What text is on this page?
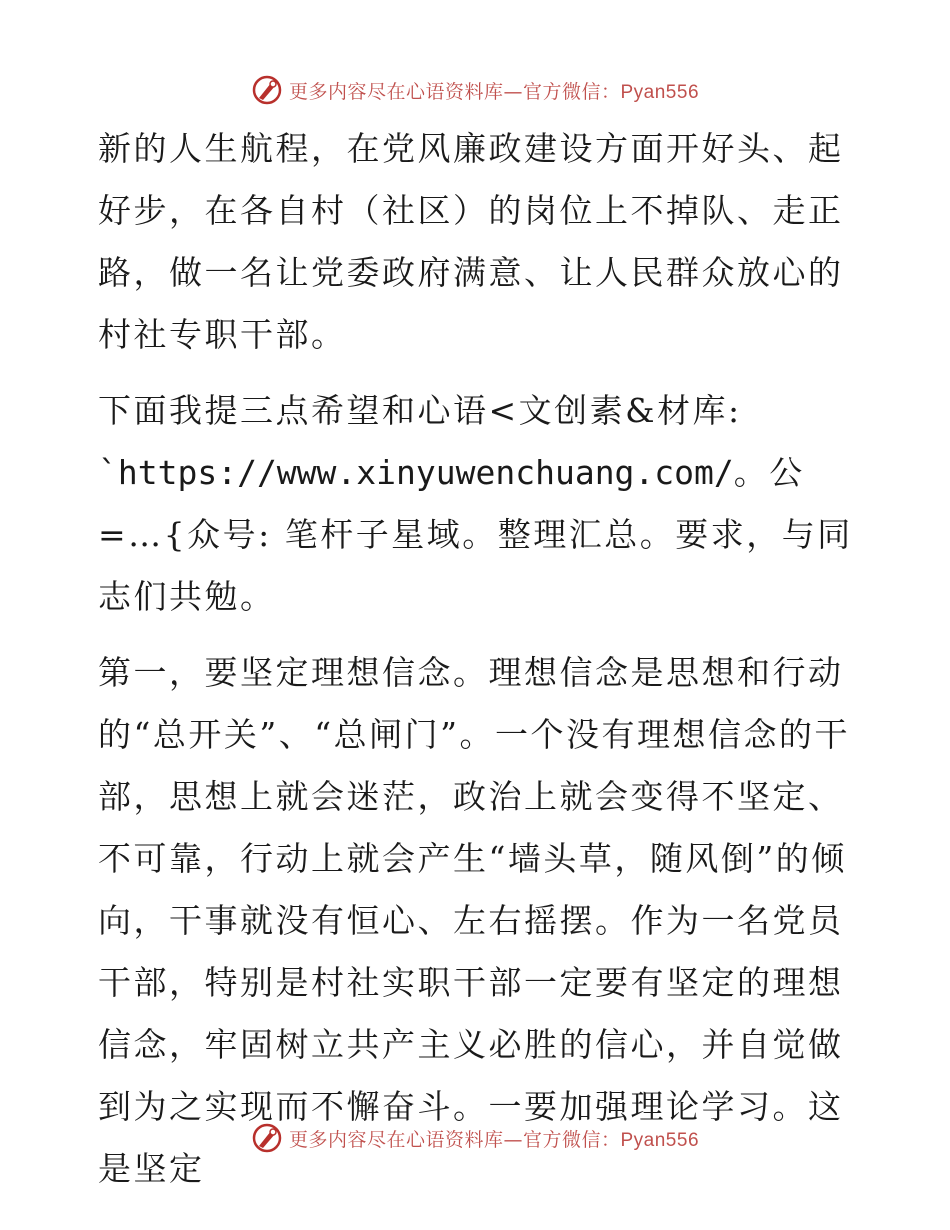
更多内容尽在心语资料库—官方微信：Pyan556

新的人生航程，在党风廉政建设方面开好头、起好步，在各自村（社区）的岗位上不掉队、走正路，做一名让党委政府满意、让人民群众放心的村社专职干部。

下面我提三点希望和心语<文创素&材库:
`https://www.xinyuwenchuang.com/。公=…{众号: 笔杆子星域。整理汇总。要求，与同志们共勉。

第一，要坚定理想信念。理想信念是思想和行动的“总开关”、“总闸门”。一个没有理想信念的干部，思想上就会迷茫，政治上就会变得不坚定、不可靠，行动上就会产生“墙头草，随风倒”的倾向，干事就没有恒心、左右摇摆。作为一名党员干部，特别是村社实职干部一定要有坚定的理想信念，牢固树立共产主义必胜的信心，并自觉做到为之实现而不懈奋斗。一要加强理论学习。这是坚定

更多内容尽在心语资料库—官方微信：Pyan556
